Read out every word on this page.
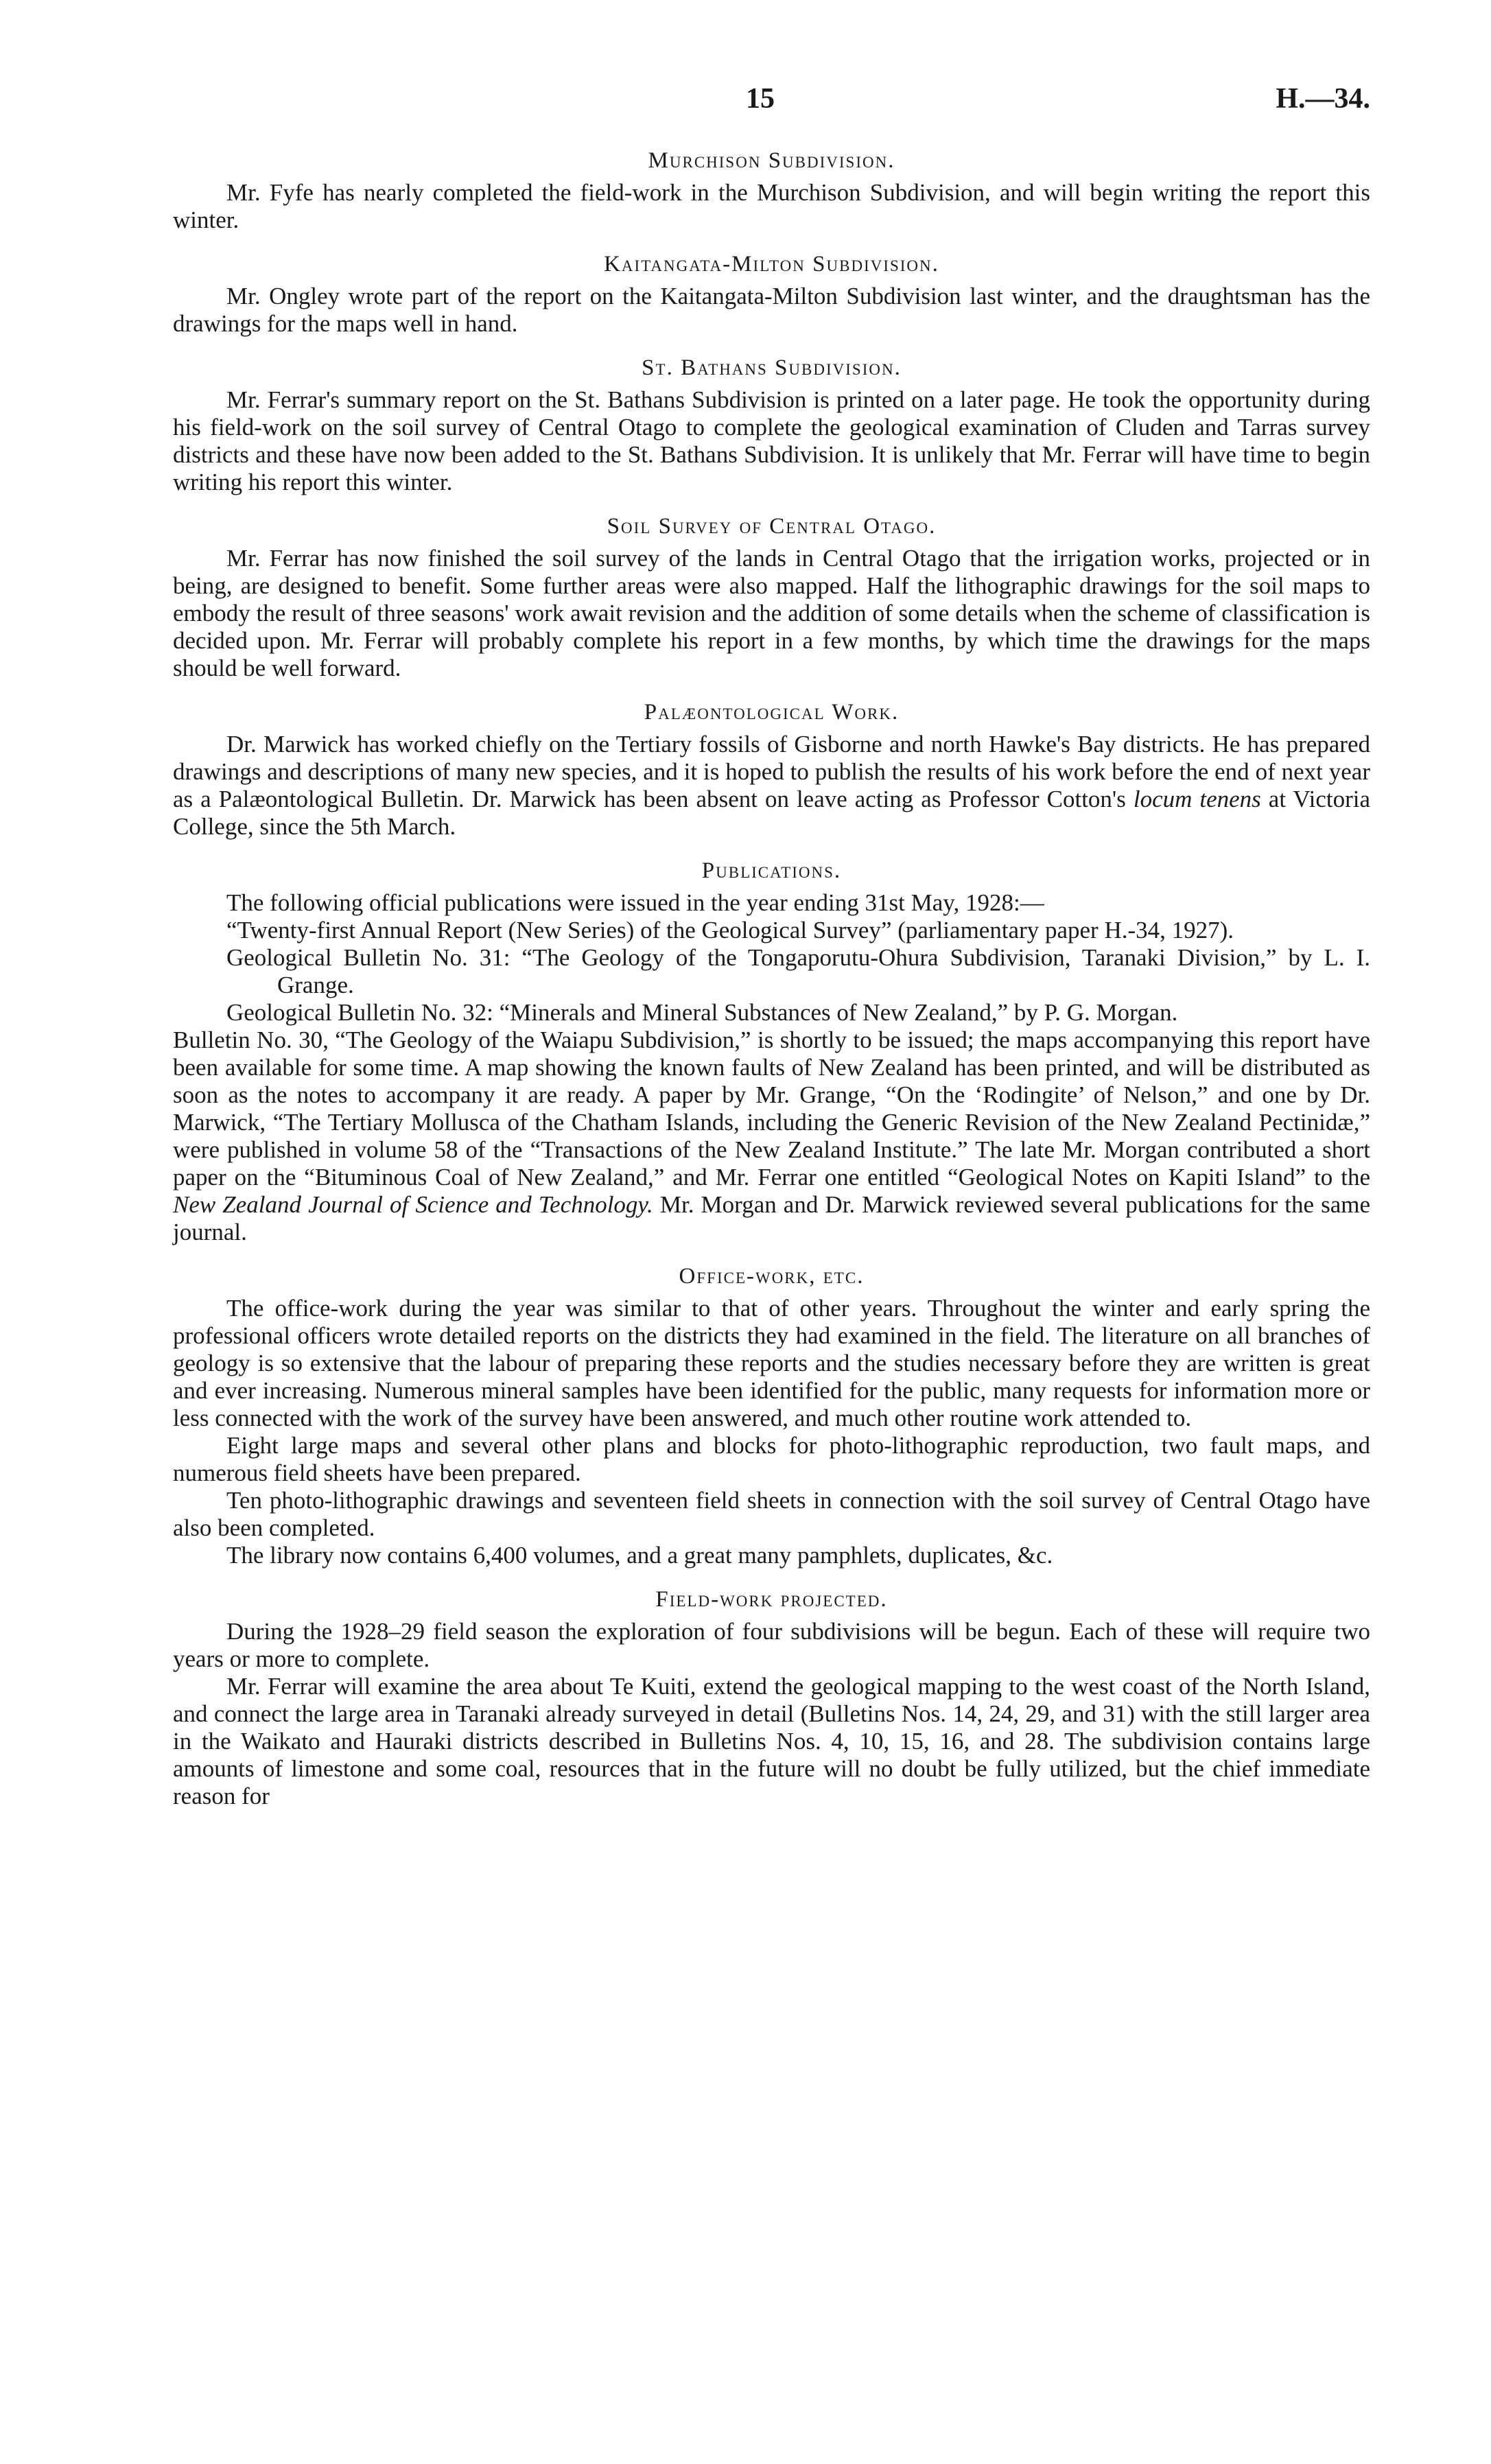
15	H.—34.
Murchison Subdivision.

Mr. Fyfe has nearly completed the field-work in the Murchison Subdivision, and will begin writing the report this winter.

Kaitangata-Milton Subdivision.

Mr. Ongley wrote part of the report on the Kaitangata-Milton Subdivision last winter, and the draughtsman has the drawings for the maps well in hand.

St. Bathans Subdivision.

Mr. Ferrar's summary report on the St. Bathans Subdivision is printed on a later page. He took the opportunity during his field-work on the soil survey of Central Otago to complete the geological examination of Cluden and Tarras survey districts and these have now been added to the St. Bathans Subdivision. It is unlikely that Mr. Ferrar will have time to begin writing his report this winter.

Soil Survey of Central Otago.

Mr. Ferrar has now finished the soil survey of the lands in Central Otago that the irrigation works, projected or in being, are designed to benefit. Some further areas were also mapped. Half the lithographic drawings for the soil maps to embody the result of three seasons' work await revision and the addition of some details when the scheme of classification is decided upon. Mr. Ferrar will probably complete his report in a few months, by which time the drawings for the maps should be well forward.

Palæontological Work.

Dr. Marwick has worked chiefly on the Tertiary fossils of Gisborne and north Hawke's Bay districts. He has prepared drawings and descriptions of many new species, and it is hoped to publish the results of his work before the end of next year as a Palæontological Bulletin. Dr. Marwick has been absent on leave acting as Professor Cotton's locum tenens at Victoria College, since the 5th March.

Publications.

The following official publications were issued in the year ending 31st May, 1928:—

“Twenty-first Annual Report (New Series) of the Geological Survey” (parliamentary paper H.-34, 1927).
Geological Bulletin No. 31: “The Geology of the Tongaporutu-Ohura Subdivision, Taranaki Division,” by L. I. Grange.
Geological Bulletin No. 32: “Minerals and Mineral Substances of New Zealand,” by P. G. Morgan.

Bulletin No. 30, “The Geology of the Waiapu Subdivision,” is shortly to be issued; the maps accompanying this report have been available for some time. A map showing the known faults of New Zealand has been printed, and will be distributed as soon as the notes to accompany it are ready. A paper by Mr. Grange, “On the ‘Rodingite’ of Nelson,” and one by Dr. Marwick, “The Tertiary Mollusca of the Chatham Islands, including the Generic Revision of the New Zealand Pectinidæ,” were published in volume 58 of the “Transactions of the New Zealand Institute.” The late Mr. Morgan contributed a short paper on the “Bituminous Coal of New Zealand,” and Mr. Ferrar one entitled “Geological Notes on Kapiti Island” to the New Zealand Journal of Science and Technology. Mr. Morgan and Dr. Marwick reviewed several publications for the same journal.

Office-work, etc.

The office-work during the year was similar to that of other years. Throughout the winter and early spring the professional officers wrote detailed reports on the districts they had examined in the field. The literature on all branches of geology is so extensive that the labour of preparing these reports and the studies necessary before they are written is great and ever increasing. Numerous mineral samples have been identified for the public, many requests for information more or less connected with the work of the survey have been answered, and much other routine work attended to.

Eight large maps and several other plans and blocks for photo-lithographic reproduction, two fault maps, and numerous field sheets have been prepared.

Ten photo-lithographic drawings and seventeen field sheets in connection with the soil survey of Central Otago have also been completed.

The library now contains 6,400 volumes, and a great many pamphlets, duplicates, &c.

Field-work projected.

During the 1928–29 field season the exploration of four subdivisions will be begun. Each of these will require two years or more to complete.

Mr. Ferrar will examine the area about Te Kuiti, extend the geological mapping to the west coast of the North Island, and connect the large area in Taranaki already surveyed in detail (Bulletins Nos. 14, 24, 29, and 31) with the still larger area in the Waikato and Hauraki districts described in Bulletins Nos. 4, 10, 15, 16, and 28. The subdivision contains large amounts of limestone and some coal, resources that in the future will no doubt be fully utilized, but the chief immediate reason for
